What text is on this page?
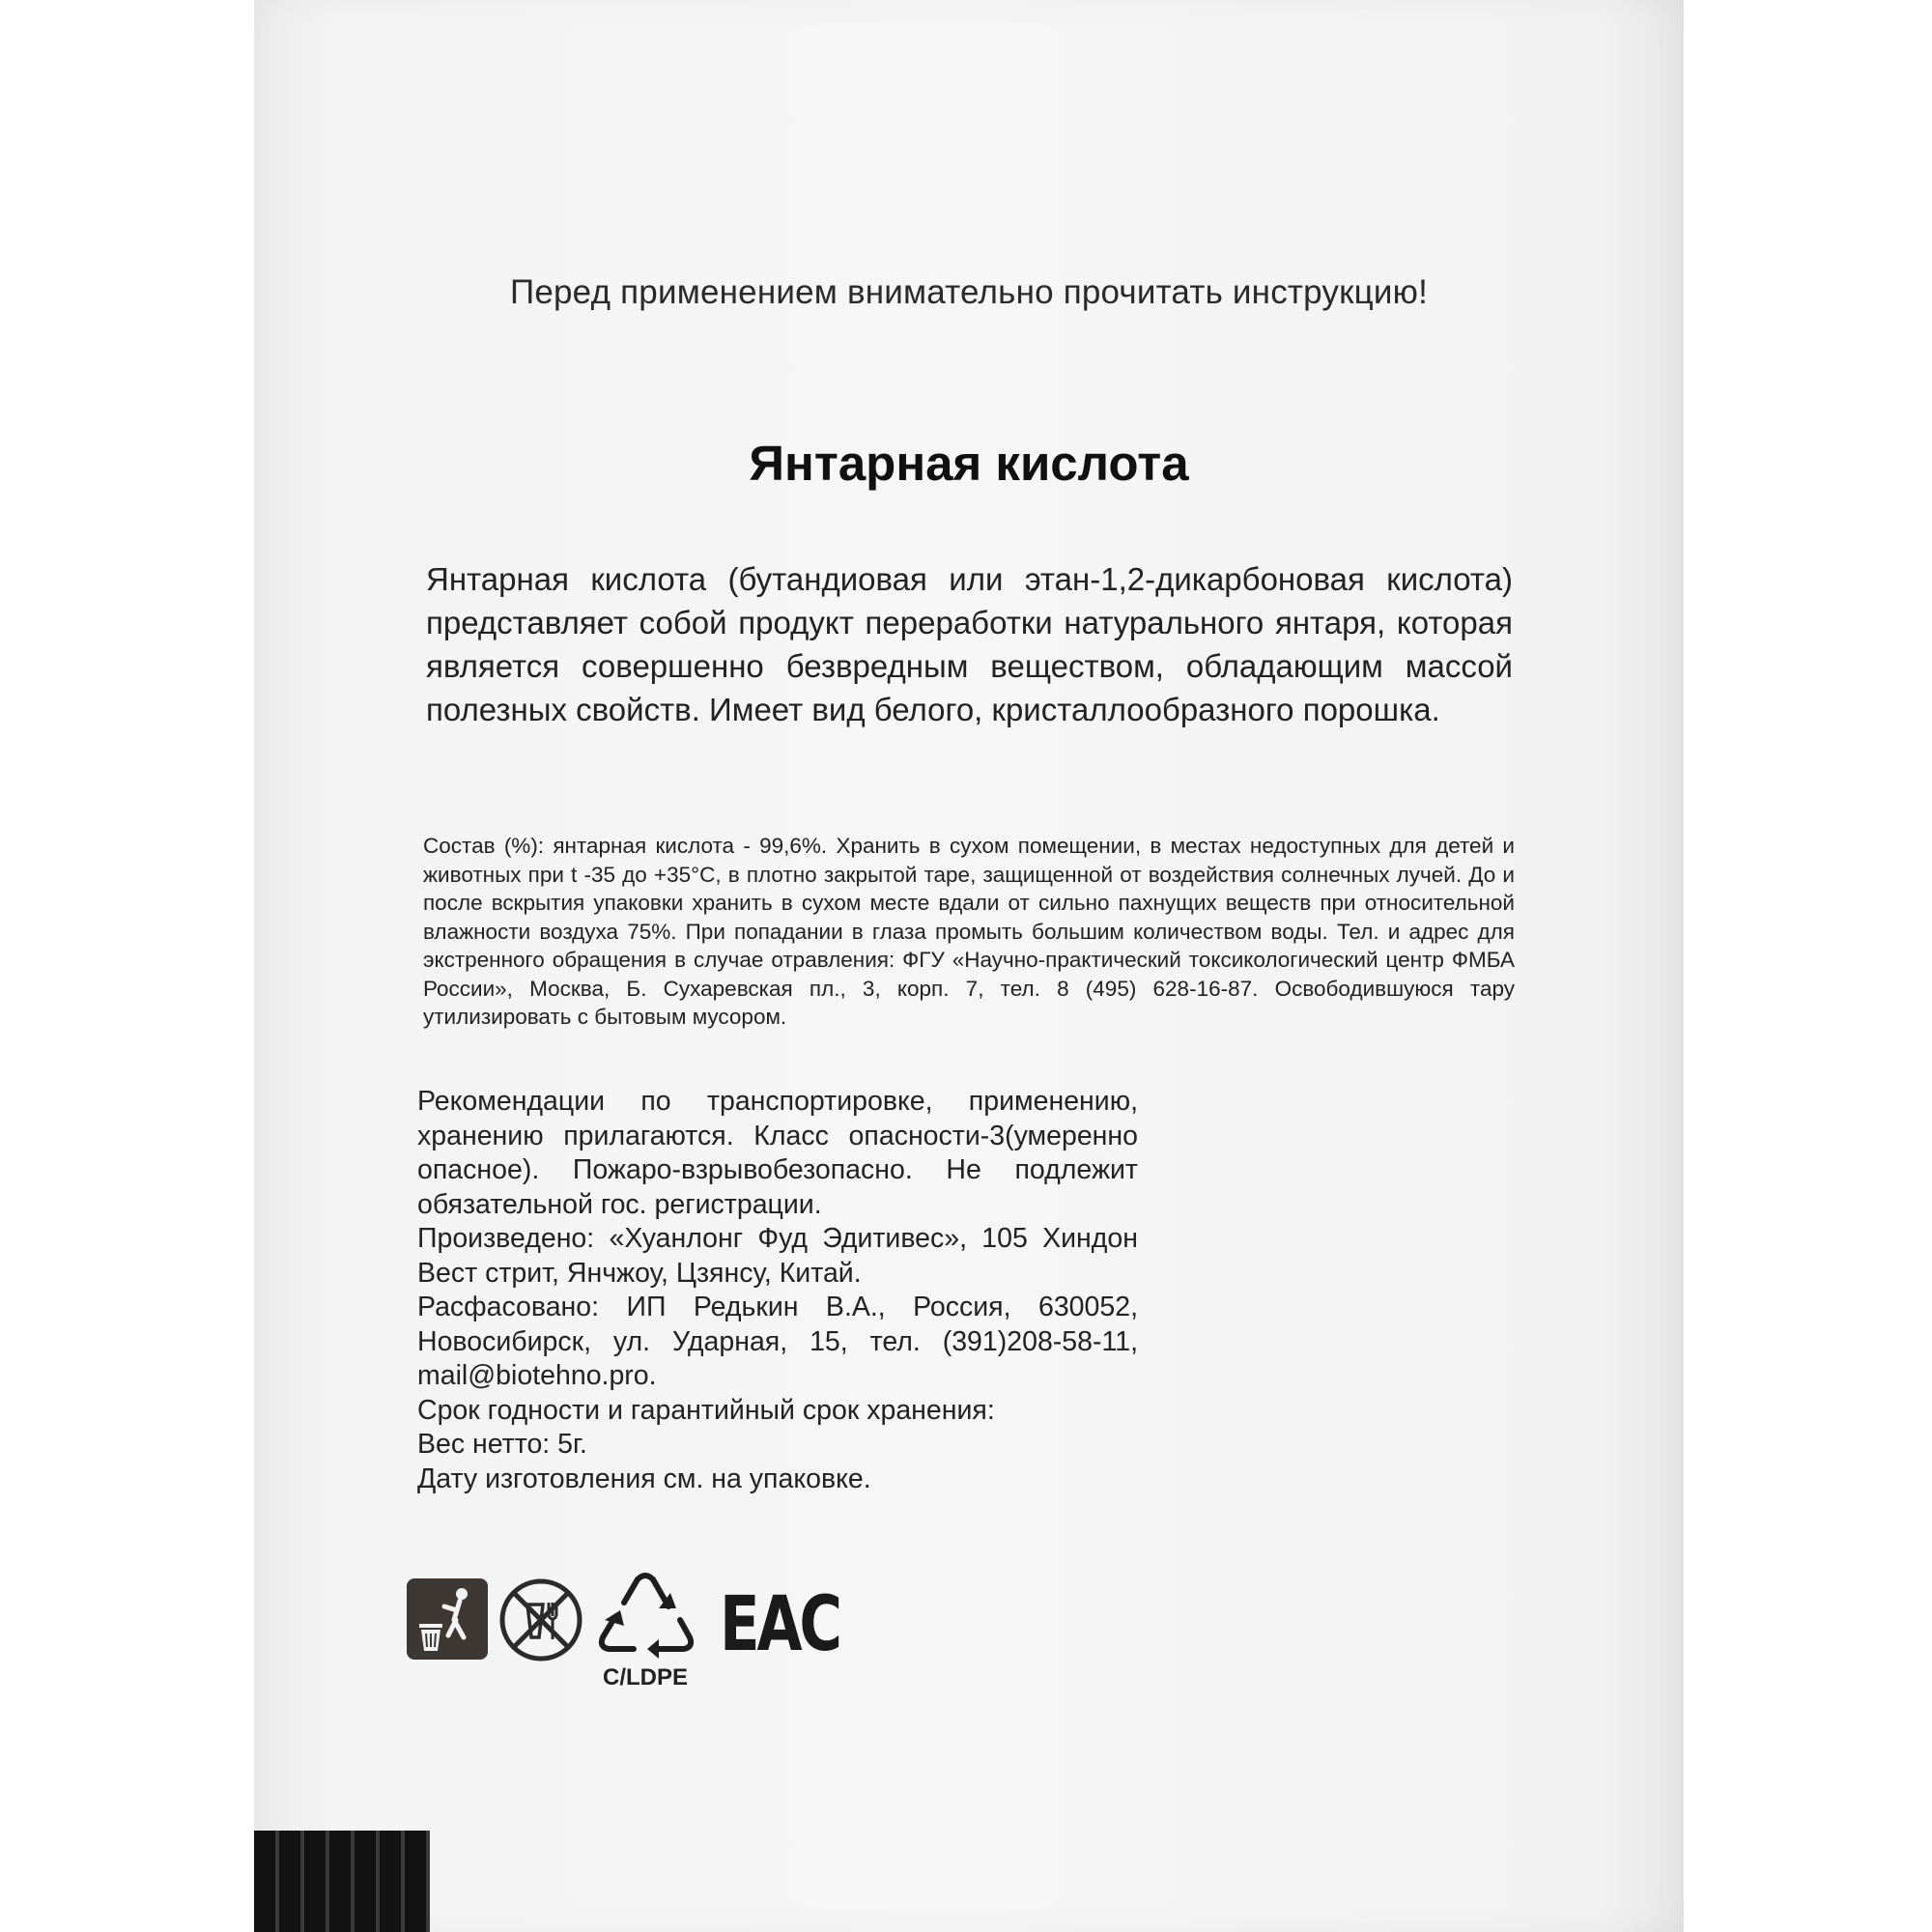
Перед применением внимательно прочитать инструкцию!
Янтарная кислота
Янтарная кислота (бутандиовая или этан-1,2-дикарбоновая кислота) представляет собой продукт переработки натурального янтаря, которая является совершенно безвредным веществом, обладающим массой полезных свойств. Имеет вид белого, кристаллообразного порошка.
Состав (%): янтарная кислота - 99,6%. Хранить в сухом помещении, в местах недоступных для детей и животных при t -35 до +35°C, в плотно закрытой таре, защищенной от воздействия солнечных лучей. До и после вскрытия упаковки хранить в сухом месте вдали от сильно пахнущих веществ при относительной влажности воздуха 75%. При попадании в глаза промыть большим количеством воды. Тел. и адрес для экстренного обращения в случае отравления: ФГУ «Научно-практический токсикологический центр ФМБА России», Москва, Б. Сухаревская пл., 3, корп. 7, тел. 8 (495) 628-16-87. Освободившуюся тару утилизировать с бытовым мусором.

Рекомендации по транспортировке, применению, хранению прилагаются. Класс опасности-3(умеренно опасное). Пожаро-взрывобезопасно. Не подлежит обязательной гос. регистрации.

Произведено: «Хуанлонг Фуд Эдитивес», 105 Хиндон Вест стрит, Янчжоу, Цзянсу, Китай.

Расфасовано: ИП Редькин В.А., Россия, 630052, Новосибирск, ул. Ударная, 15, тел. (391)208-58-11, mail@biotehno.pro.

Срок годности и гарантийный срок хранения:

Вес нетто: 5г.

Дату изготовления см. на упаковке.

C/LDPE
EAC
